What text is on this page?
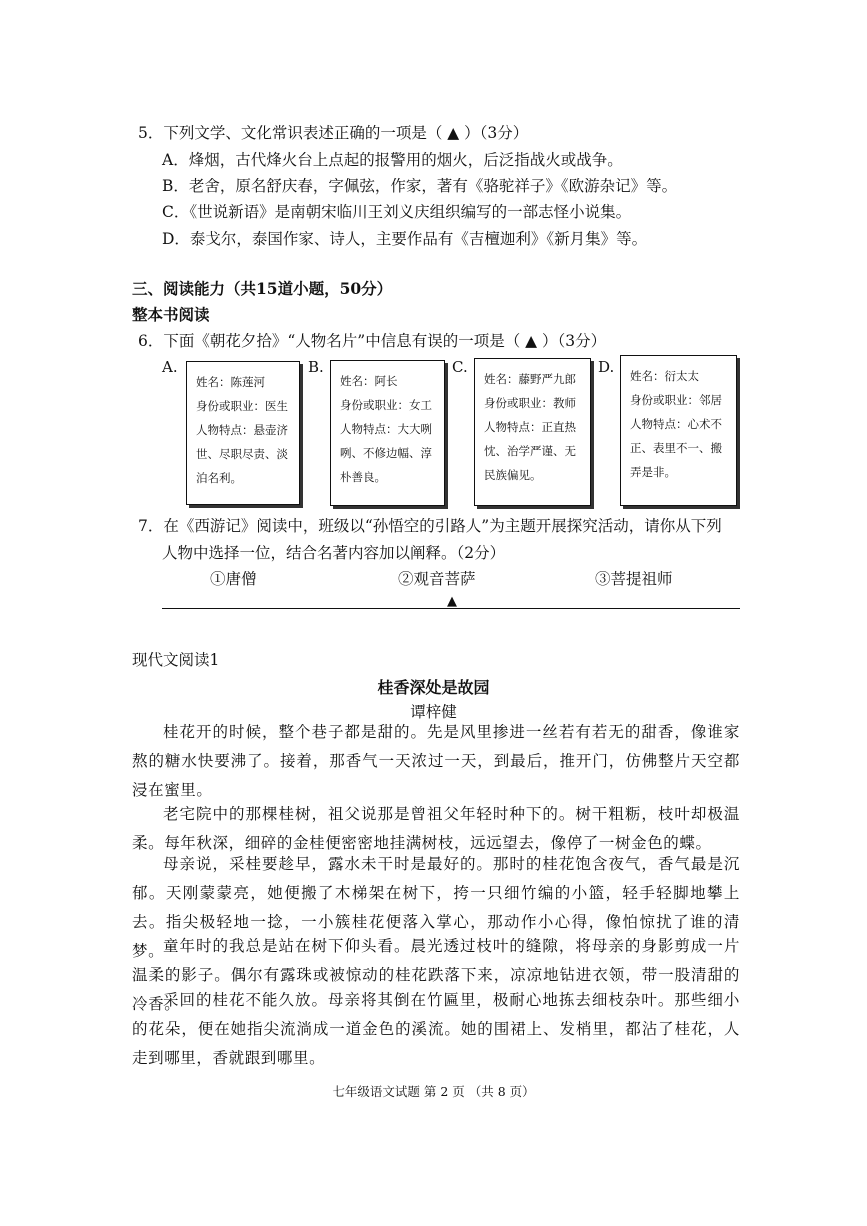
5．下列文学、文化常识表述正确的一项是（ ▲ ）（3分）
A．烽烟，古代烽火台上点起的报警用的烟火，后泛指战火或战争。
B．老舍，原名舒庆春，字佩弦，作家，著有《骆驼祥子》《欧游杂记》等。
C．《世说新语》是南朝宋临川王刘义庆组织编写的一部志怪小说集。
D．泰戈尔，泰国作家、诗人，主要作品有《吉檀迦利》《新月集》等。
三、阅读能力（共15道小题，50分）
整本书阅读
6．下面《朝花夕拾》“人物名片”中信息有误的一项是（ ▲ ）（3分）
A.
姓名：陈莲河
身份或职业：医生
人物特点：悬壶济
世、尽职尽责、淡
泊名利。
B.
姓名：阿长
身份或职业：女工
人物特点：大大咧
咧、不修边幅、淳
朴善良。
C.
姓名：藤野严九郎
身份或职业：教师
人物特点：正直热
忱、治学严谨、无
民族偏见。
D. 姓名：衍太太
身份或职业：邻居
人物特点：心术不
正、表里不一、搬
弄是非。
7．在《西游记》阅读中，班级以“孙悟空的引路人”为主题开展探究活动，请你从下列
人物中选择一位，结合名著内容加以阐释。（2分）
①唐僧	②观音菩萨	③菩提祖师
▲
现代文阅读1
桂香深处是故园
谭梓健
桂花开的时候，整个巷子都是甜的。先是风里掺进一丝若有若无的甜香，像谁家熬的糖水快要沸了。接着，那香气一天浓过一天，到最后，推开门，仿佛整片天空都浸在蜜里。
老宅院中的那棵桂树，祖父说那是曾祖父年轻时种下的。树干粗粝，枝叶却极温柔。每年秋深，细碎的金桂便密密地挂满树枝，远远望去，像停了一树金色的蝶。
母亲说，采桂要趁早，露水未干时是最好的。那时的桂花饱含夜气，香气最是沉郁。天刚蒙蒙亮，她便搬了木梯架在树下，挎一只细竹编的小篮，轻手轻脚地攀上去。指尖极轻地一捻，一小簇桂花便落入掌心，那动作小心得，像怕惊扰了谁的清梦。
童年时的我总是站在树下仰头看。晨光透过枝叶的缝隙，将母亲的身影剪成一片温柔的影子。偶尔有露珠或被惊动的桂花跌落下来，凉凉地钻进衣领，带一股清甜的冷香。
采回的桂花不能久放。母亲将其倒在竹匾里，极耐心地拣去细枝杂叶。那些细小的花朵，便在她指尖流淌成一道金色的溪流。她的围裙上、发梢里，都沾了桂花，人走到哪里，香就跟到哪里。
七年级语文试题 第 2 页 （共 8 页）
